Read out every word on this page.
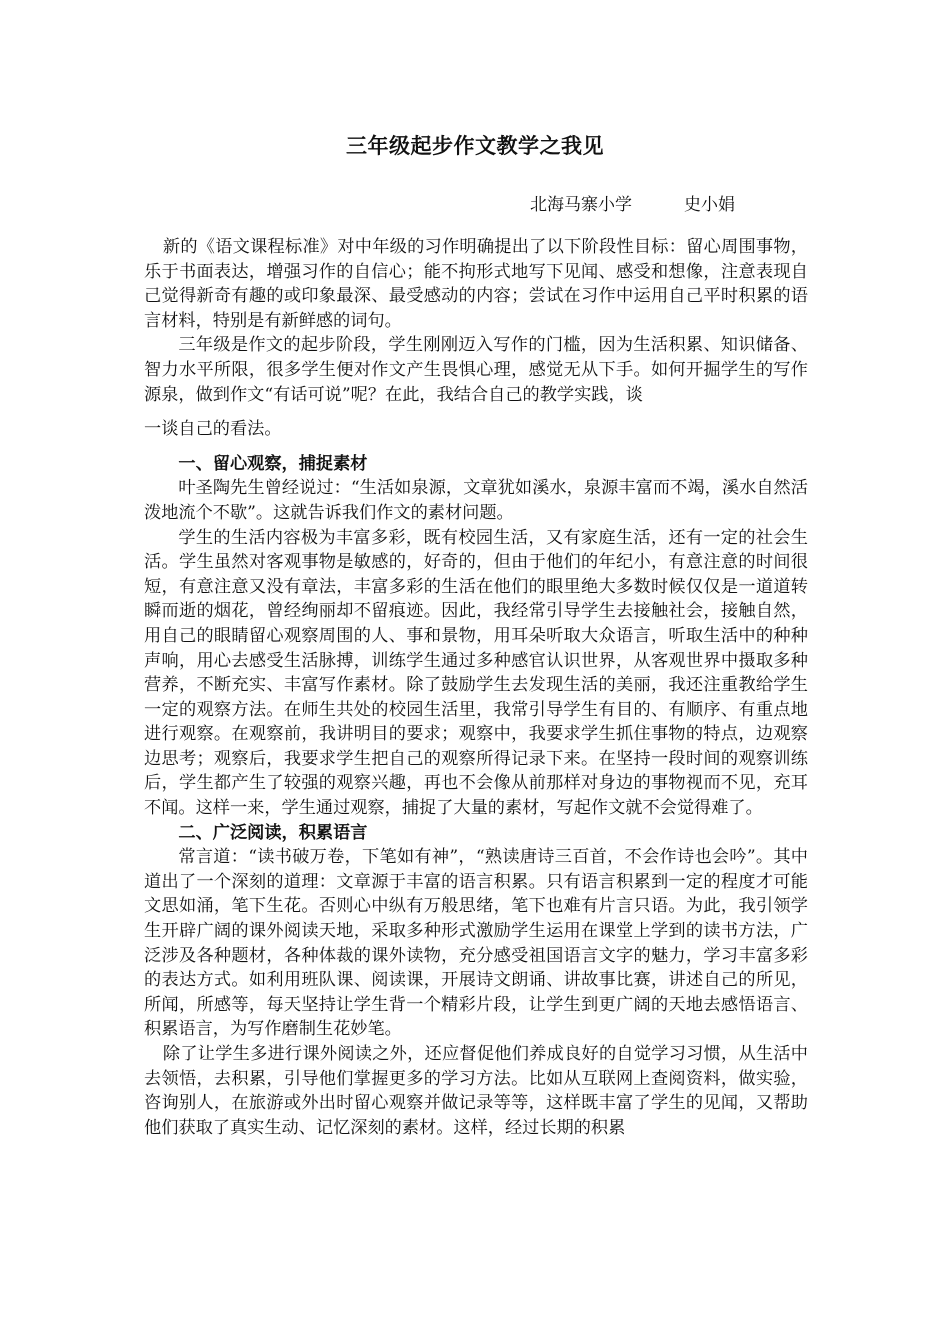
三年级起步作文教学之我见
北海马寨小学	史小娟

新的《语文课程标准》对中年级的习作明确提出了以下阶段性目标：留心周围事物，乐于书面表达，增强习作的自信心；能不拘形式地写下见闻、感受和想像，注意表现自己觉得新奇有趣的或印象最深、最受感动的内容；尝试在习作中运用自己平时积累的语言材料，特别是有新鲜感的词句。

三年级是作文的起步阶段，学生刚刚迈入写作的门槛，因为生活积累、知识储备、智力水平所限，很多学生便对作文产生畏惧心理，感觉无从下手。如何开掘学生的写作源泉，做到作文“有话可说”呢？在此，我结合自己的教学实践，谈

一谈自己的看法。

一、留心观察，捕捉素材

叶圣陶先生曾经说过：“生活如泉源，文章犹如溪水，泉源丰富而不竭，溪水自然活泼地流个不歇”。这就告诉我们作文的素材问题。

学生的生活内容极为丰富多彩，既有校园生活，又有家庭生活，还有一定的社会生活。学生虽然对客观事物是敏感的，好奇的，但由于他们的年纪小，有意注意的时间很短，有意注意又没有章法，丰富多彩的生活在他们的眼里绝大多数时候仅仅是一道道转瞬而逝的烟花，曾经绚丽却不留痕迹。因此，我经常引导学生去接触社会，接触自然，用自己的眼睛留心观察周围的人、事和景物，用耳朵听取大众语言，听取生活中的种种声响，用心去感受生活脉搏，训练学生通过多种感官认识世界，从客观世界中摄取多种营养，不断充实、丰富写作素材。除了鼓励学生去发现生活的美丽，我还注重教给学生一定的观察方法。在师生共处的校园生活里，我常引导学生有目的、有顺序、有重点地进行观察。在观察前，我讲明目的要求；观察中，我要求学生抓住事物的特点，边观察边思考；观察后，我要求学生把自己的观察所得记录下来。在坚持一段时间的观察训练后，学生都产生了较强的观察兴趣，再也不会像从前那样对身边的事物视而不见，充耳不闻。这样一来，学生通过观察，捕捉了大量的素材，写起作文就不会觉得难了。

二、广泛阅读，积累语言

常言道：“读书破万卷，下笔如有神”，“熟读唐诗三百首，不会作诗也会吟”。其中道出了一个深刻的道理：文章源于丰富的语言积累。只有语言积累到一定的程度才可能文思如涌，笔下生花。否则心中纵有万般思绪，笔下也难有片言只语。为此，我引领学生开辟广阔的课外阅读天地，采取多种形式激励学生运用在课堂上学到的读书方法，广泛涉及各种题材，各种体裁的课外读物，充分感受祖国语言文字的魅力，学习丰富多彩的表达方式。如利用班队课、阅读课，开展诗文朗诵、讲故事比赛，讲述自己的所见，所闻，所感等，每天坚持让学生背一个精彩片段，让学生到更广阔的天地去感悟语言、积累语言，为写作磨制生花妙笔。

除了让学生多进行课外阅读之外，还应督促他们养成良好的自觉学习习惯，从生活中去领悟，去积累，引导他们掌握更多的学习方法。比如从互联网上查阅资料，做实验，咨询别人，在旅游或外出时留心观察并做记录等等，这样既丰富了学生的见闻，又帮助他们获取了真实生动、记忆深刻的素材。这样，经过长期的积累
